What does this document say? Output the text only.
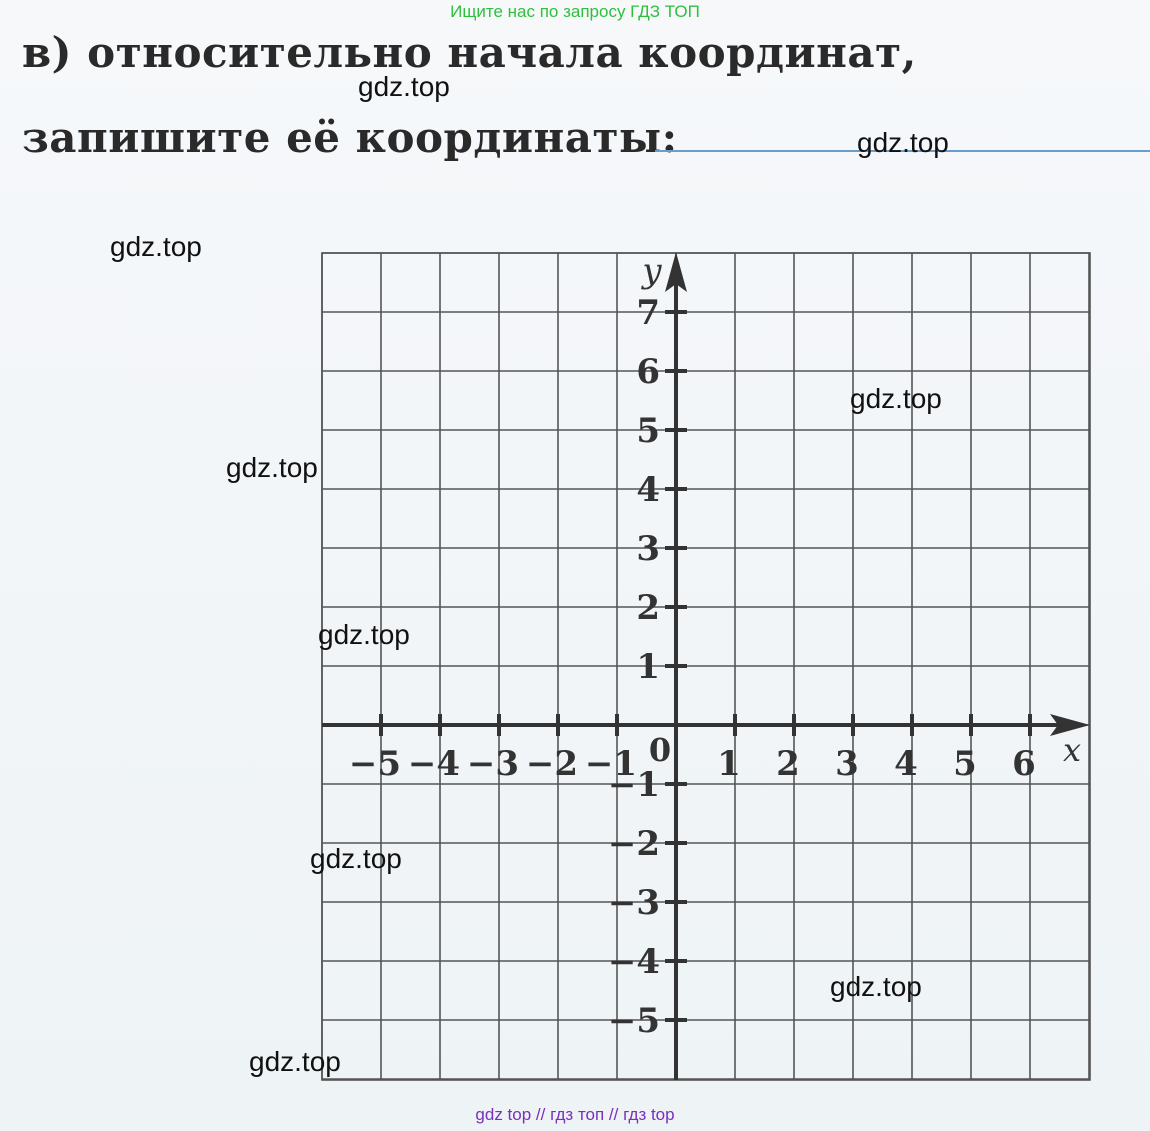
Ищите нас по запросу ГДЗ ТОП
в) относительно начала координат,
запишите её координаты:
−5 −4 −3 −2 −1 1 2 3 4 5 6
7
6
5
4
3
2
1
−1
−2
−3
−4
−5
0	x
y
gdz.top
gdz.top
gdz.top
gdz.top
gdz.top
gdz.top
gdz.top
gdz.top
gdz.top
gdz top // гдз топ // гдз top
